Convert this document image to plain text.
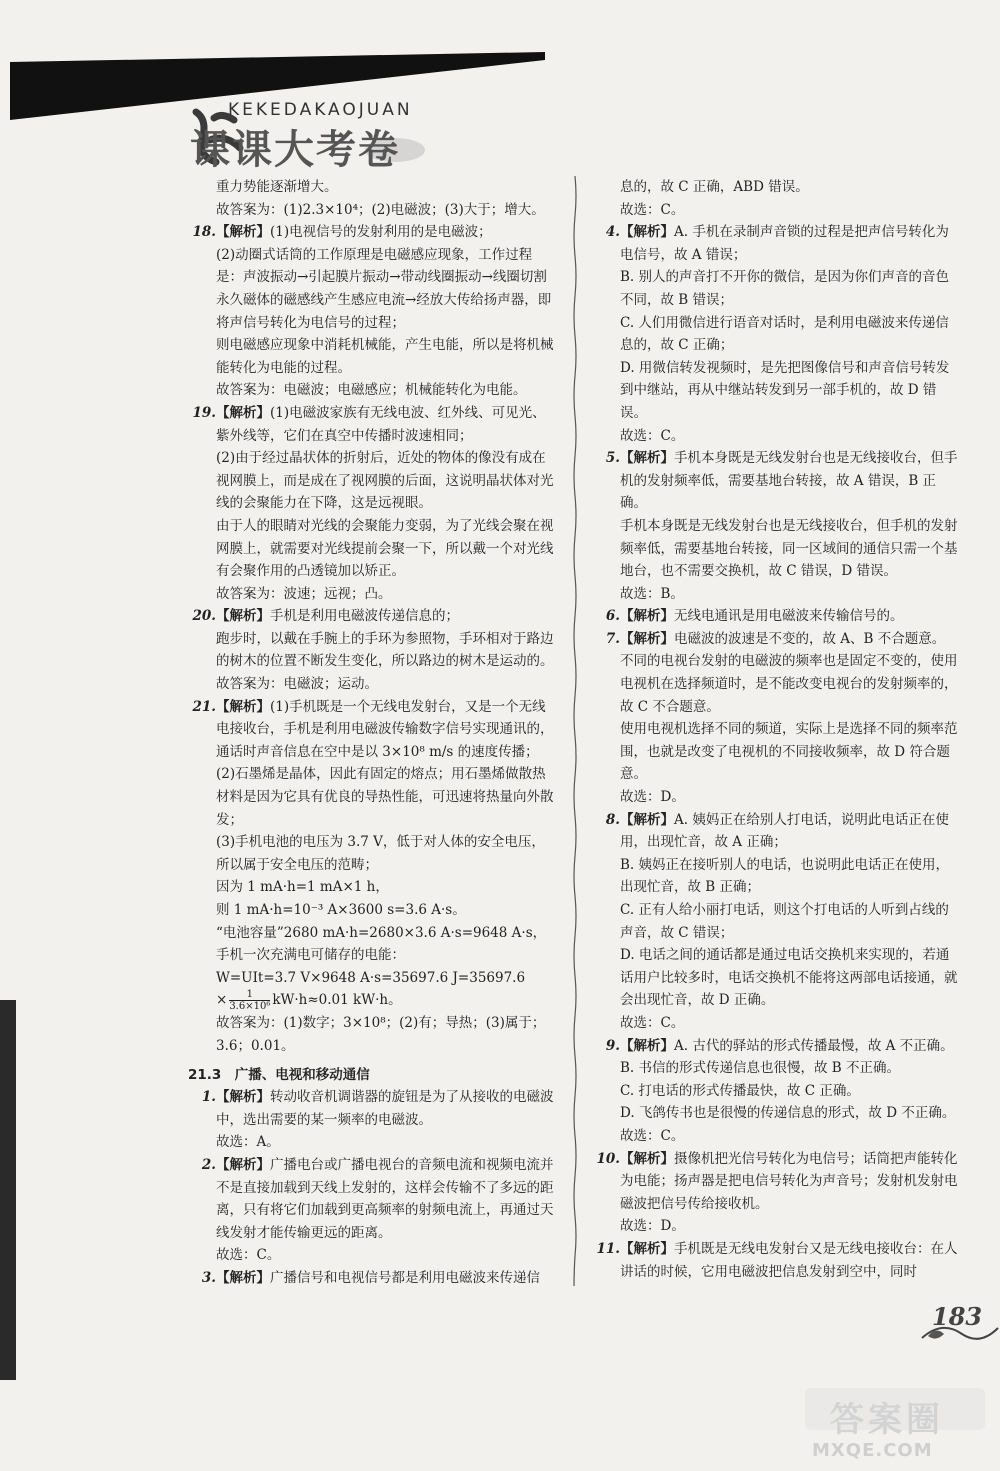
KEKEDAKAOJUAN
课课大考卷
重力势能逐渐增大。
故答案为：(1)2.3×10⁴；(2)电磁波；(3)大于；增大。
18.【解析】(1)电视信号的发射利用的是电磁波；
(2)动圈式话筒的工作原理是电磁感应现象，工作过程是：声波振动→引起膜片振动→带动线圈振动→线圈切割永久磁体的磁感线产生感应电流→经放大传给扬声器，即将声信号转化为电信号的过程；
则电磁感应现象中消耗机械能，产生电能，所以是将机械能转化为电能的过程。
故答案为：电磁波；电磁感应；机械能转化为电能。
19.【解析】(1)电磁波家族有无线电波、红外线、可见光、紫外线等，它们在真空中传播时波速相同；
(2)由于经过晶状体的折射后，近处的物体的像没有成在视网膜上，而是成在了视网膜的后面，这说明晶状体对光线的会聚能力在下降，这是远视眼。
由于人的眼睛对光线的会聚能力变弱，为了光线会聚在视网膜上，就需要对光线提前会聚一下，所以戴一个对光线有会聚作用的凸透镜加以矫正。
故答案为：波速；远视；凸。
20.【解析】手机是利用电磁波传递信息的；
跑步时，以戴在手腕上的手环为参照物，手环相对于路边的树木的位置不断发生变化，所以路边的树木是运动的。
故答案为：电磁波；运动。
21.【解析】(1)手机既是一个无线电发射台，又是一个无线电接收台，手机是利用电磁波传输数字信号实现通讯的，通话时声音信息在空中是以 3×10⁸ m/s 的速度传播；
(2)石墨烯是晶体，因此有固定的熔点；用石墨烯做散热材料是因为它具有优良的导热性能，可迅速将热量向外散发；
(3)手机电池的电压为 3.7 V，低于对人体的安全电压，所以属于安全电压的范畴；
因为 1 mA·h=1 mA×1 h，
则 1 mA·h=10⁻³ A×3600 s=3.6 A·s。
“电池容量”2680 mA·h=2680×3.6 A·s=9648 A·s，
手机一次充满电可储存的电能：
W=UIt=3.7 V×9648 A·s=35697.6 J=35697.6
× $\frac{1}{\text{3.6×10⁶}} kW\cdot h\approx 0.01$ kW·h。
故答案为：(1)数字；3×10⁸；(2)有；导热；(3)属于；3.6；0.01。
21.3　广播、电视和移动通信
1.【解析】转动收音机调谐器的旋钮是为了从接收的电磁波中，选出需要的某一频率的电磁波。
故选：A。
2.【解析】广播电台或广播电视台的音频电流和视频电流并不是直接加载到天线上发射的，这样会传输不了多远的距离，只有将它们加载到更高频率的射频电流上，再通过天线发射才能传输更远的距离。
故选：C。
3.【解析】广播信号和电视信号都是利用电磁波来传递信
息的，故 C 正确，ABD 错误。
故选：C。
4.【解析】A. 手机在录制声音锁的过程是把声信号转化为电信号，故 A 错误；
B. 别人的声音打不开你的微信，是因为你们声音的音色不同，故 B 错误；
C. 人们用微信进行语音对话时，是利用电磁波来传递信息的，故 C 正确；
D. 用微信转发视频时，是先把图像信号和声音信号转发到中继站，再从中继站转发到另一部手机的，故 D 错误。
故选：C。
5.【解析】手机本身既是无线发射台也是无线接收台，但手机的发射频率低，需要基地台转接，故 A 错误，B 正确。
手机本身既是无线发射台也是无线接收台，但手机的发射频率低，需要基地台转接，同一区域间的通信只需一个基地台，也不需要交换机，故 C 错误，D 错误。
故选：B。
6.【解析】无线电通讯是用电磁波来传输信号的。
7.【解析】电磁波的波速是不变的，故 A、B 不合题意。
不同的电视台发射的电磁波的频率也是固定不变的，使用电视机在选择频道时，是不能改变电视台的发射频率的，故 C 不合题意。
使用电视机选择不同的频道，实际上是选择不同的频率范围，也就是改变了电视机的不同接收频率，故 D 符合题意。
故选：D。
8.【解析】A. 姨妈正在给别人打电话，说明此电话正在使用，出现忙音，故 A 正确；
B. 姨妈正在接听别人的电话，也说明此电话正在使用，出现忙音，故 B 正确；
C. 正有人给小丽打电话，则这个打电话的人听到占线的声音，故 C 错误；
D. 电话之间的通话都是通过电话交换机来实现的，若通话用户比较多时，电话交换机不能将这两部电话接通，就会出现忙音，故 D 正确。
故选：C。
9.【解析】A. 古代的驿站的形式传播最慢，故 A 不正确。
B. 书信的形式传递信息也很慢，故 B 不正确。
C. 打电话的形式传播最快，故 C 正确。
D. 飞鸽传书也是很慢的传递信息的形式，故 D 不正确。
故选：C。
10.【解析】摄像机把光信号转化为电信号；话筒把声能转化为电能；扬声器是把电信号转化为声音号；发射机发射电磁波把信号传给接收机。
故选：D。
11.【解析】手机既是无线电发射台又是无线电接收台：在人讲话的时候，它用电磁波把信息发射到空中，同时
183
答案圈
MXQE.COM
